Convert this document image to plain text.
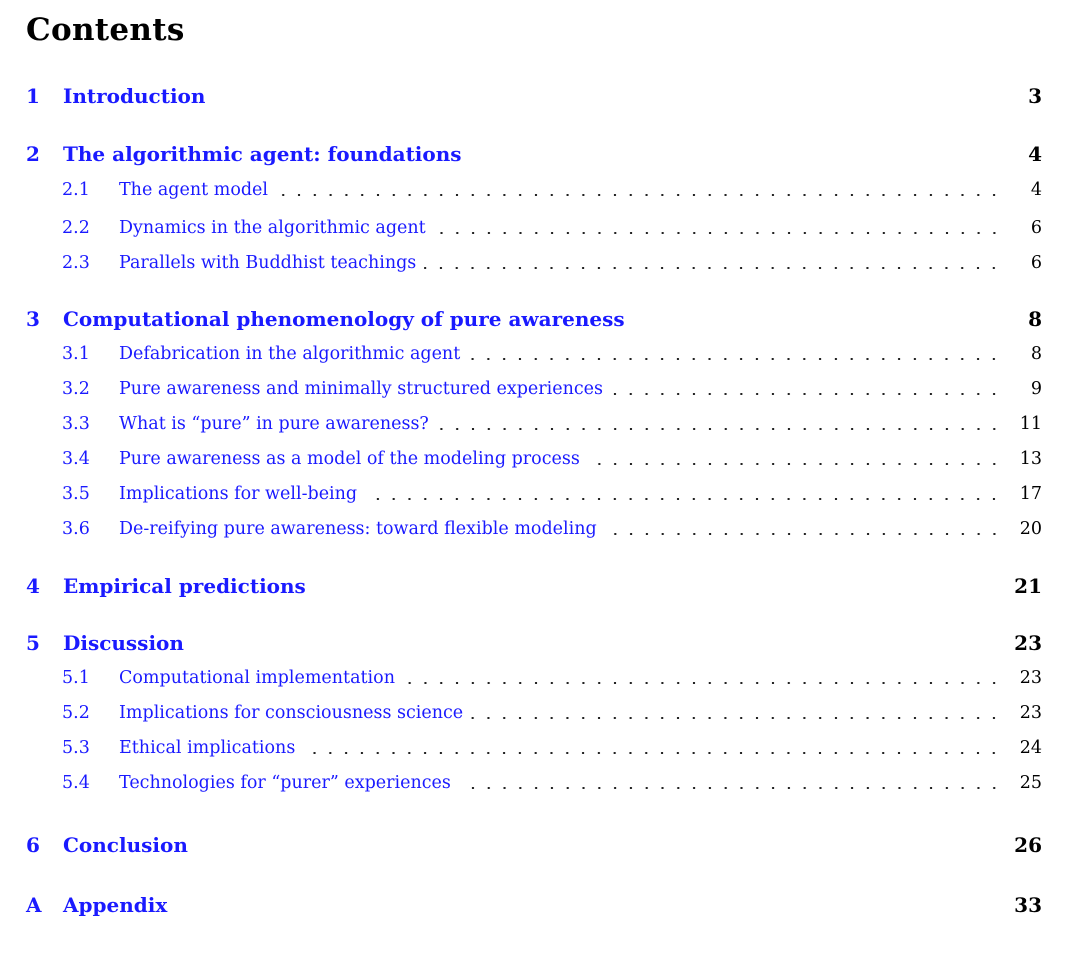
Contents
1	Introduction	3
2	The algorithmic agent: foundations	4
2.1	The agent model	4
2.2	Dynamics in the algorithmic agent	6
2.3	Parallels with Buddhist teachings	6
3	Computational phenomenology of pure awareness	8
3.1	Defabrication in the algorithmic agent	8
3.2	Pure awareness and minimally structured experiences	9
3.3	What is “pure” in pure awareness?	11
3.4	Pure awareness as a model of the modeling process	13
3.5	Implications for well-being	17
3.6	De-reifying pure awareness: toward flexible modeling	20
4	Empirical predictions	21
5	Discussion	23
5.1	Computational implementation	23
5.2	Implications for consciousness science	23
5.3	Ethical implications	24
5.4	Technologies for “purer” experiences	25
6	Conclusion	26
A	Appendix	33
